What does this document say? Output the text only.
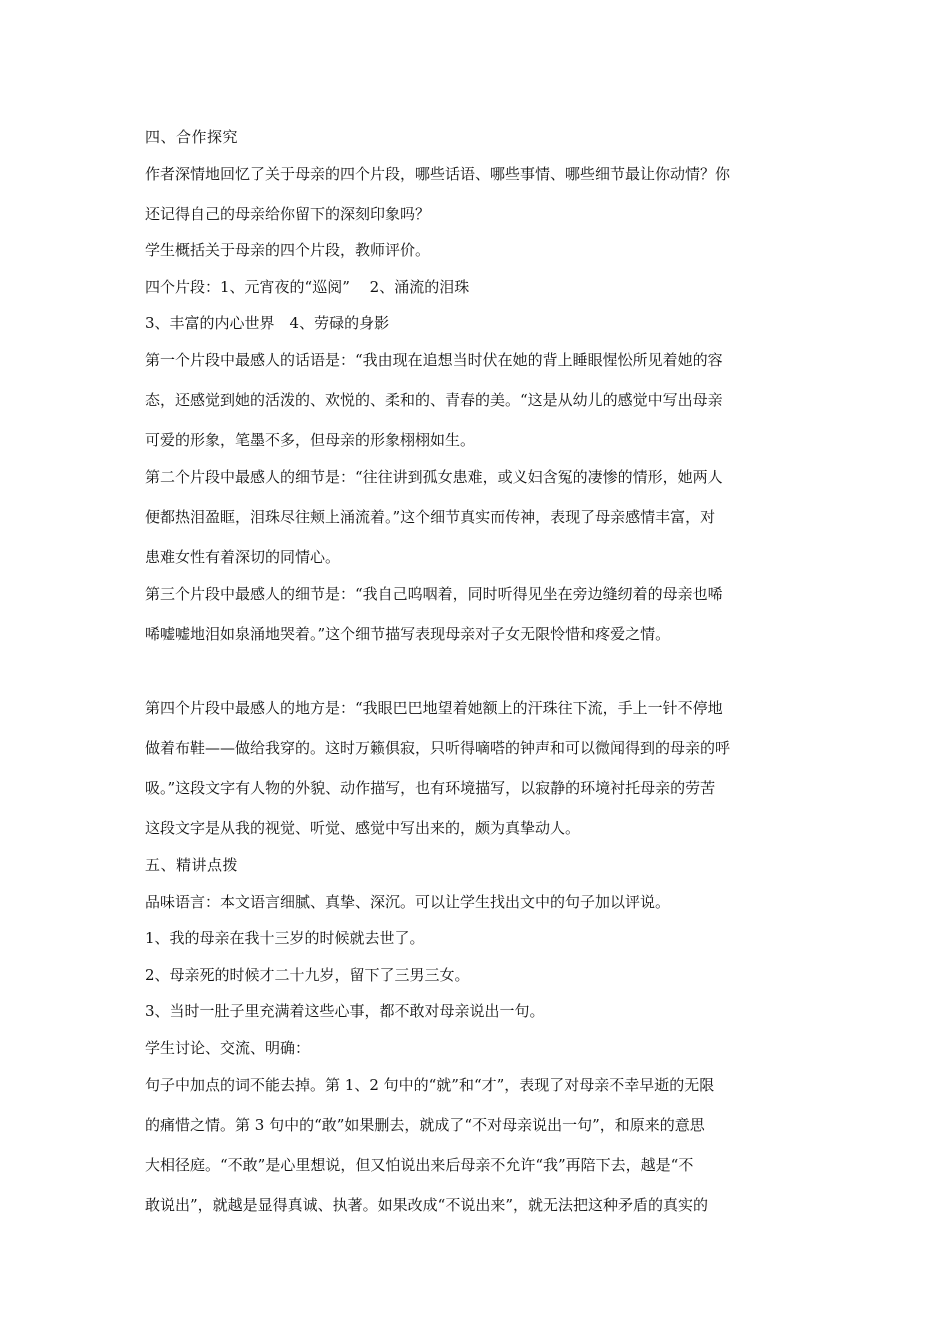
四、合作探究
作者深情地回忆了关于母亲的四个片段，哪些话语、哪些事情、哪些细节最让你动情？你
还记得自己的母亲给你留下的深刻印象吗？
学生概括关于母亲的四个片段，教师评价。
四个片段：1、元宵夜的“巡阅”　 2、涌流的泪珠
3、丰富的内心世界　4、劳碌的身影
第一个片段中最感人的话语是：“我由现在追想当时伏在她的背上睡眼惺忪所见着她的容
态，还感觉到她的活泼的、欢悦的、柔和的、青春的美。“这是从幼儿的感觉中写出母亲
可爱的形象，笔墨不多，但母亲的形象栩栩如生。
第二个片段中最感人的细节是：“往往讲到孤女患难，或义妇含冤的凄惨的情形，她两人
便都热泪盈眶，泪珠尽往颊上涌流着。”这个细节真实而传神，表现了母亲感情丰富，对
患难女性有着深切的同情心。
第三个片段中最感人的细节是：“我自己呜咽着，同时听得见坐在旁边缝纫着的母亲也唏
唏嘘嘘地泪如泉涌地哭着。”这个细节描写表现母亲对子女无限怜惜和疼爱之情。
第四个片段中最感人的地方是：“我眼巴巴地望着她额上的汗珠往下流，手上一针不停地
做着布鞋——做给我穿的。这时万籁俱寂，只听得嘀嗒的钟声和可以微闻得到的母亲的呼
吸。”这段文字有人物的外貌、动作描写，也有环境描写，以寂静的环境衬托母亲的劳苦
这段文字是从我的视觉、听觉、感觉中写出来的，颇为真挚动人。
五、精讲点拨
品味语言：本文语言细腻、真挚、深沉。可以让学生找出文中的句子加以评说。
1、我的母亲在我十三岁的时候就去世了。
2、母亲死的时候才二十九岁，留下了三男三女。
3、当时一肚子里充满着这些心事，都不敢对母亲说出一句。
学生讨论、交流、明确：
句子中加点的词不能去掉。第 1、2 句中的“就”和“才”，表现了对母亲不幸早逝的无限
的痛惜之情。第 3 句中的“敢”如果删去，就成了“不对母亲说出一句”，和原来的意思
大相径庭。“不敢”是心里想说，但又怕说出来后母亲不允许“我”再陪下去，越是“不
敢说出”，就越是显得真诚、执著。如果改成“不说出来”，就无法把这种矛盾的真实的
